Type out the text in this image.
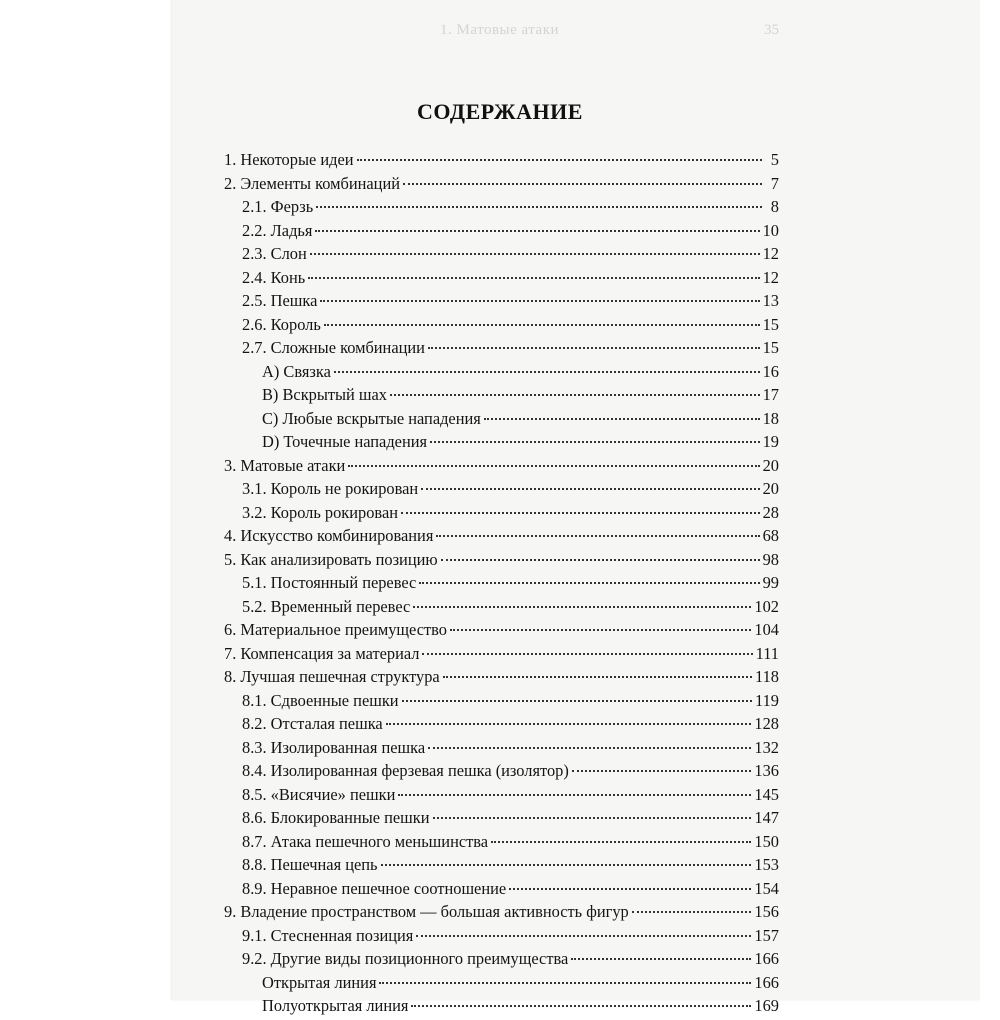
1. Матовые атаки	35
СОДЕРЖАНИЕ
1. Некоторые идеи	5
2. Элементы комбинаций	7
2.1. Ферзь	8
2.2. Ладья	10
2.3. Слон	12
2.4. Конь	12
2.5. Пешка	13
2.6. Король	15
2.7. Сложные комбинации	15
A) Связка	16
B) Вскрытый шах	17
C) Любые вскрытые нападения	18
D) Точечные нападения	19
3. Матовые атаки	20
3.1. Король не рокирован	20
3.2. Король рокирован	28
4. Искусство комбинирования	68
5. Как анализировать позицию	98
5.1. Постоянный перевес	99
5.2. Временный перевес	102
6. Материальное преимущество	104
7. Компенсация за материал	111
8. Лучшая пешечная структура	118
8.1. Сдвоенные пешки	119
8.2. Отсталая пешка	128
8.3. Изолированная пешка	132
8.4. Изолированная ферзевая пешка (изолятор)	136
8.5. «Висячие» пешки	145
8.6. Блокированные пешки	147
8.7. Атака пешечного меньшинства	150
8.8. Пешечная цепь	153
8.9. Неравное пешечное соотношение	154
9. Владение пространством — большая активность фигур	156
9.1. Стесненная позиция	157
9.2. Другие виды позиционного преимущества	166
Открытая линия	166
Полуоткрытая линия	169
